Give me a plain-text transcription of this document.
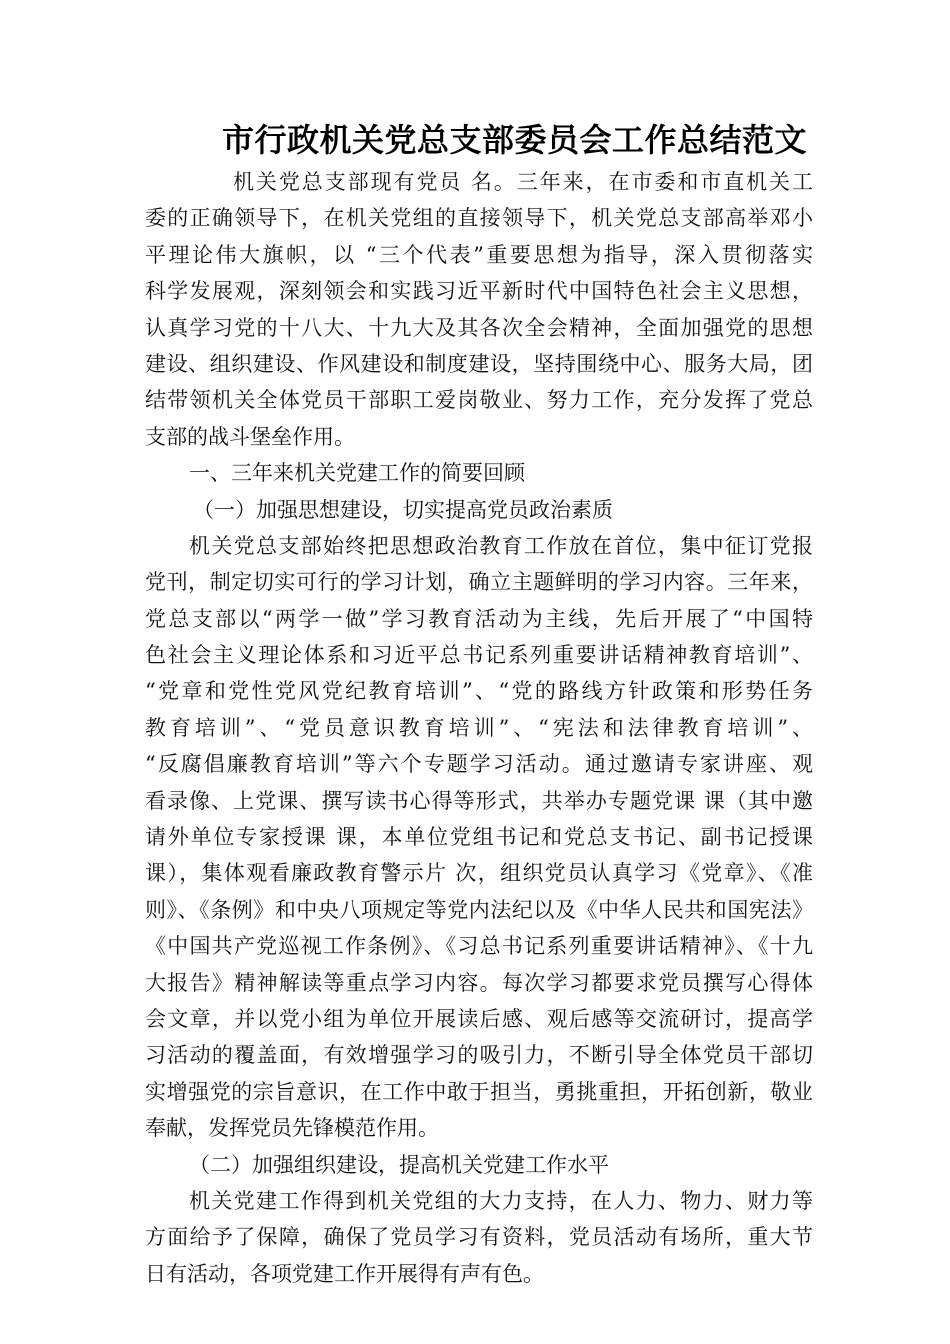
市行政机关党总支部委员会工作总结范文
机关党总支部现有党员 名。三年来，在市委和市直机关工
委的正确领导下，在机关党组的直接领导下，机关党总支部高举邓小
平理论伟大旗帜，以 “三个代表”重要思想为指导，深入贯彻落实
科学发展观，深刻领会和实践习近平新时代中国特色社会主义思想，
认真学习党的十八大、十九大及其各次全会精神，全面加强党的思想
建设、组织建设、作风建设和制度建设，坚持围绕中心、服务大局，团
结带领机关全体党员干部职工爱岗敬业、努力工作，充分发挥了党总
支部的战斗堡垒作用。
一、三年来机关党建工作的简要回顾
（一）加强思想建设，切实提高党员政治素质
机关党总支部始终把思想政治教育工作放在首位，集中征订党报
党刊，制定切实可行的学习计划，确立主题鲜明的学习内容。三年来，
党总支部以“两学一做”学习教育活动为主线，先后开展了“中国特
色社会主义理论体系和习近平总书记系列重要讲话精神教育培训”、
“党章和党性党风党纪教育培训”、“党的路线方针政策和形势任务
教育培训”、“党员意识教育培训”、“宪法和法律教育培训”、
“反腐倡廉教育培训”等六个专题学习活动。通过邀请专家讲座、观
看录像、上党课、撰写读书心得等形式，共举办专题党课 课（其中邀
请外单位专家授课 课，本单位党组书记和党总支书记、副书记授课
课），集体观看廉政教育警示片 次，组织党员认真学习《党章》、《准
则》、《条例》和中央八项规定等党内法纪以及《中华人民共和国宪法》
《中国共产党巡视工作条例》、《习总书记系列重要讲话精神》、《十九
大报告》精神解读等重点学习内容。每次学习都要求党员撰写心得体
会文章，并以党小组为单位开展读后感、观后感等交流研讨，提高学
习活动的覆盖面，有效增强学习的吸引力，不断引导全体党员干部切
实增强党的宗旨意识，在工作中敢于担当，勇挑重担，开拓创新，敬业
奉献，发挥党员先锋模范作用。
（二）加强组织建设，提高机关党建工作水平
机关党建工作得到机关党组的大力支持，在人力、物力、财力等
方面给予了保障，确保了党员学习有资料，党员活动有场所，重大节
日有活动，各项党建工作开展得有声有色。
